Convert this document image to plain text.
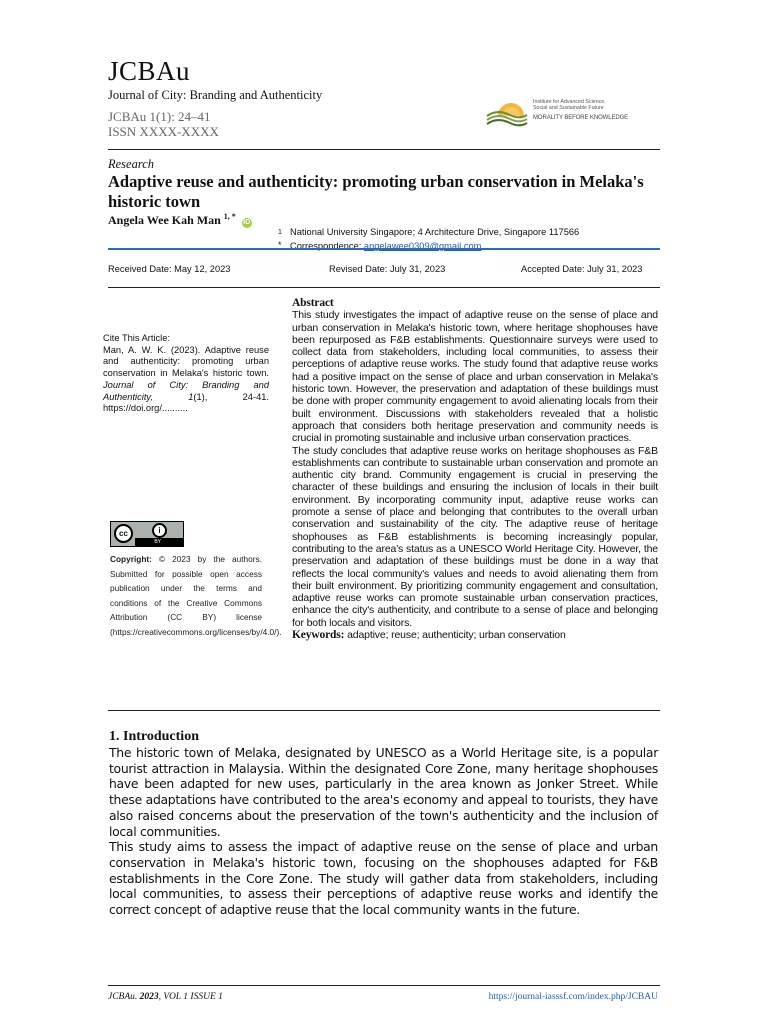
JCBAu
Journal of City: Branding and Authenticity
JCBAu 1(1): 24–41
ISSN XXXX-XXXX
Institute for Advanced Science,
Social and Sustainable Future
MORALITY BEFORE KNOWLEDGE
Research
Adaptive reuse and authenticity: promoting urban conservation in Melaka's historic town
Angela Wee Kah Man $^{1, *}$ iD
1 National University Singapore; 4 Architecture Drive, Singapore 117566
* Correspondence: angelawee0309@gmail.com
Received Date: May 12, 2023	Revised Date: July 31, 2023	Accepted Date: July 31, 2023
Cite This Article:
Man, A. W. K. (2023). Adaptive reuse and authenticity: promoting urban conservation in Melaka's historic town. Journal of City: Branding and Authenticity,	1(1), 24-41. https://doi.org/..........
cc	i
BY
Copyright: © 2023 by the authors. Submitted for possible open access publication under the terms and conditions of the Creative Commons Attribution (CC BY) license (https://creativecommons.org/licenses/by/4.0/).

Abstract

This study investigates the impact of adaptive reuse on the sense of place and urban conservation in Melaka's historic town, where heritage shophouses have been repurposed as F&B establishments. Questionnaire surveys were used to collect data from stakeholders, including local communities, to assess their perceptions of adaptive reuse works. The study found that adaptive reuse works had a positive impact on the sense of place and urban conservation in Melaka's historic town. However, the preservation and adaptation of these buildings must be done with proper community engagement to avoid alienating locals from their built environment. Discussions with stakeholders revealed that a holistic approach that considers both heritage preservation and community needs is crucial in promoting sustainable and inclusive urban conservation practices.

The study concludes that adaptive reuse works on heritage shophouses as F&B establishments can contribute to sustainable urban conservation and promote an authentic city brand. Community engagement is crucial in preserving the character of these buildings and ensuring the inclusion of locals in their built environment. By incorporating community input, adaptive reuse works can promote a sense of place and belonging that contributes to the overall urban conservation and sustainability of the city. The adaptive reuse of heritage shophouses as F&B establishments is becoming increasingly popular, contributing to the area's status as a UNESCO World Heritage City. However, the preservation and adaptation of these buildings must be done in a way that reflects the local community's values and needs to avoid alienating them from their built environment. By prioritizing community engagement and consultation, adaptive reuse works can promote sustainable urban conservation practices, enhance the city's authenticity, and contribute to a sense of place and belonging for both locals and visitors.

Keywords: adaptive; reuse; authenticity; urban conservation

1. Introduction

The historic town of Melaka, designated by UNESCO as a World Heritage site, is a popular tourist attraction in Malaysia. Within the designated Core Zone, many heritage shophouses have been adapted for new uses, particularly in the area known as Jonker Street. While these adaptations have contributed to the area's economy and appeal to tourists, they have also raised concerns about the preservation of the town's authenticity and the inclusion of local communities.

This study aims to assess the impact of adaptive reuse on the sense of place and urban conservation in Melaka's historic town, focusing on the shophouses adapted for F&B establishments in the Core Zone. The study will gather data from stakeholders, including local communities, to assess their perceptions of adaptive reuse works and identify the correct concept of adaptive reuse that the local community wants in the future.

JCBAu. 2023, VOL 1 ISSUE 1	https://journal-iasssf.com/index.php/JCBAU
